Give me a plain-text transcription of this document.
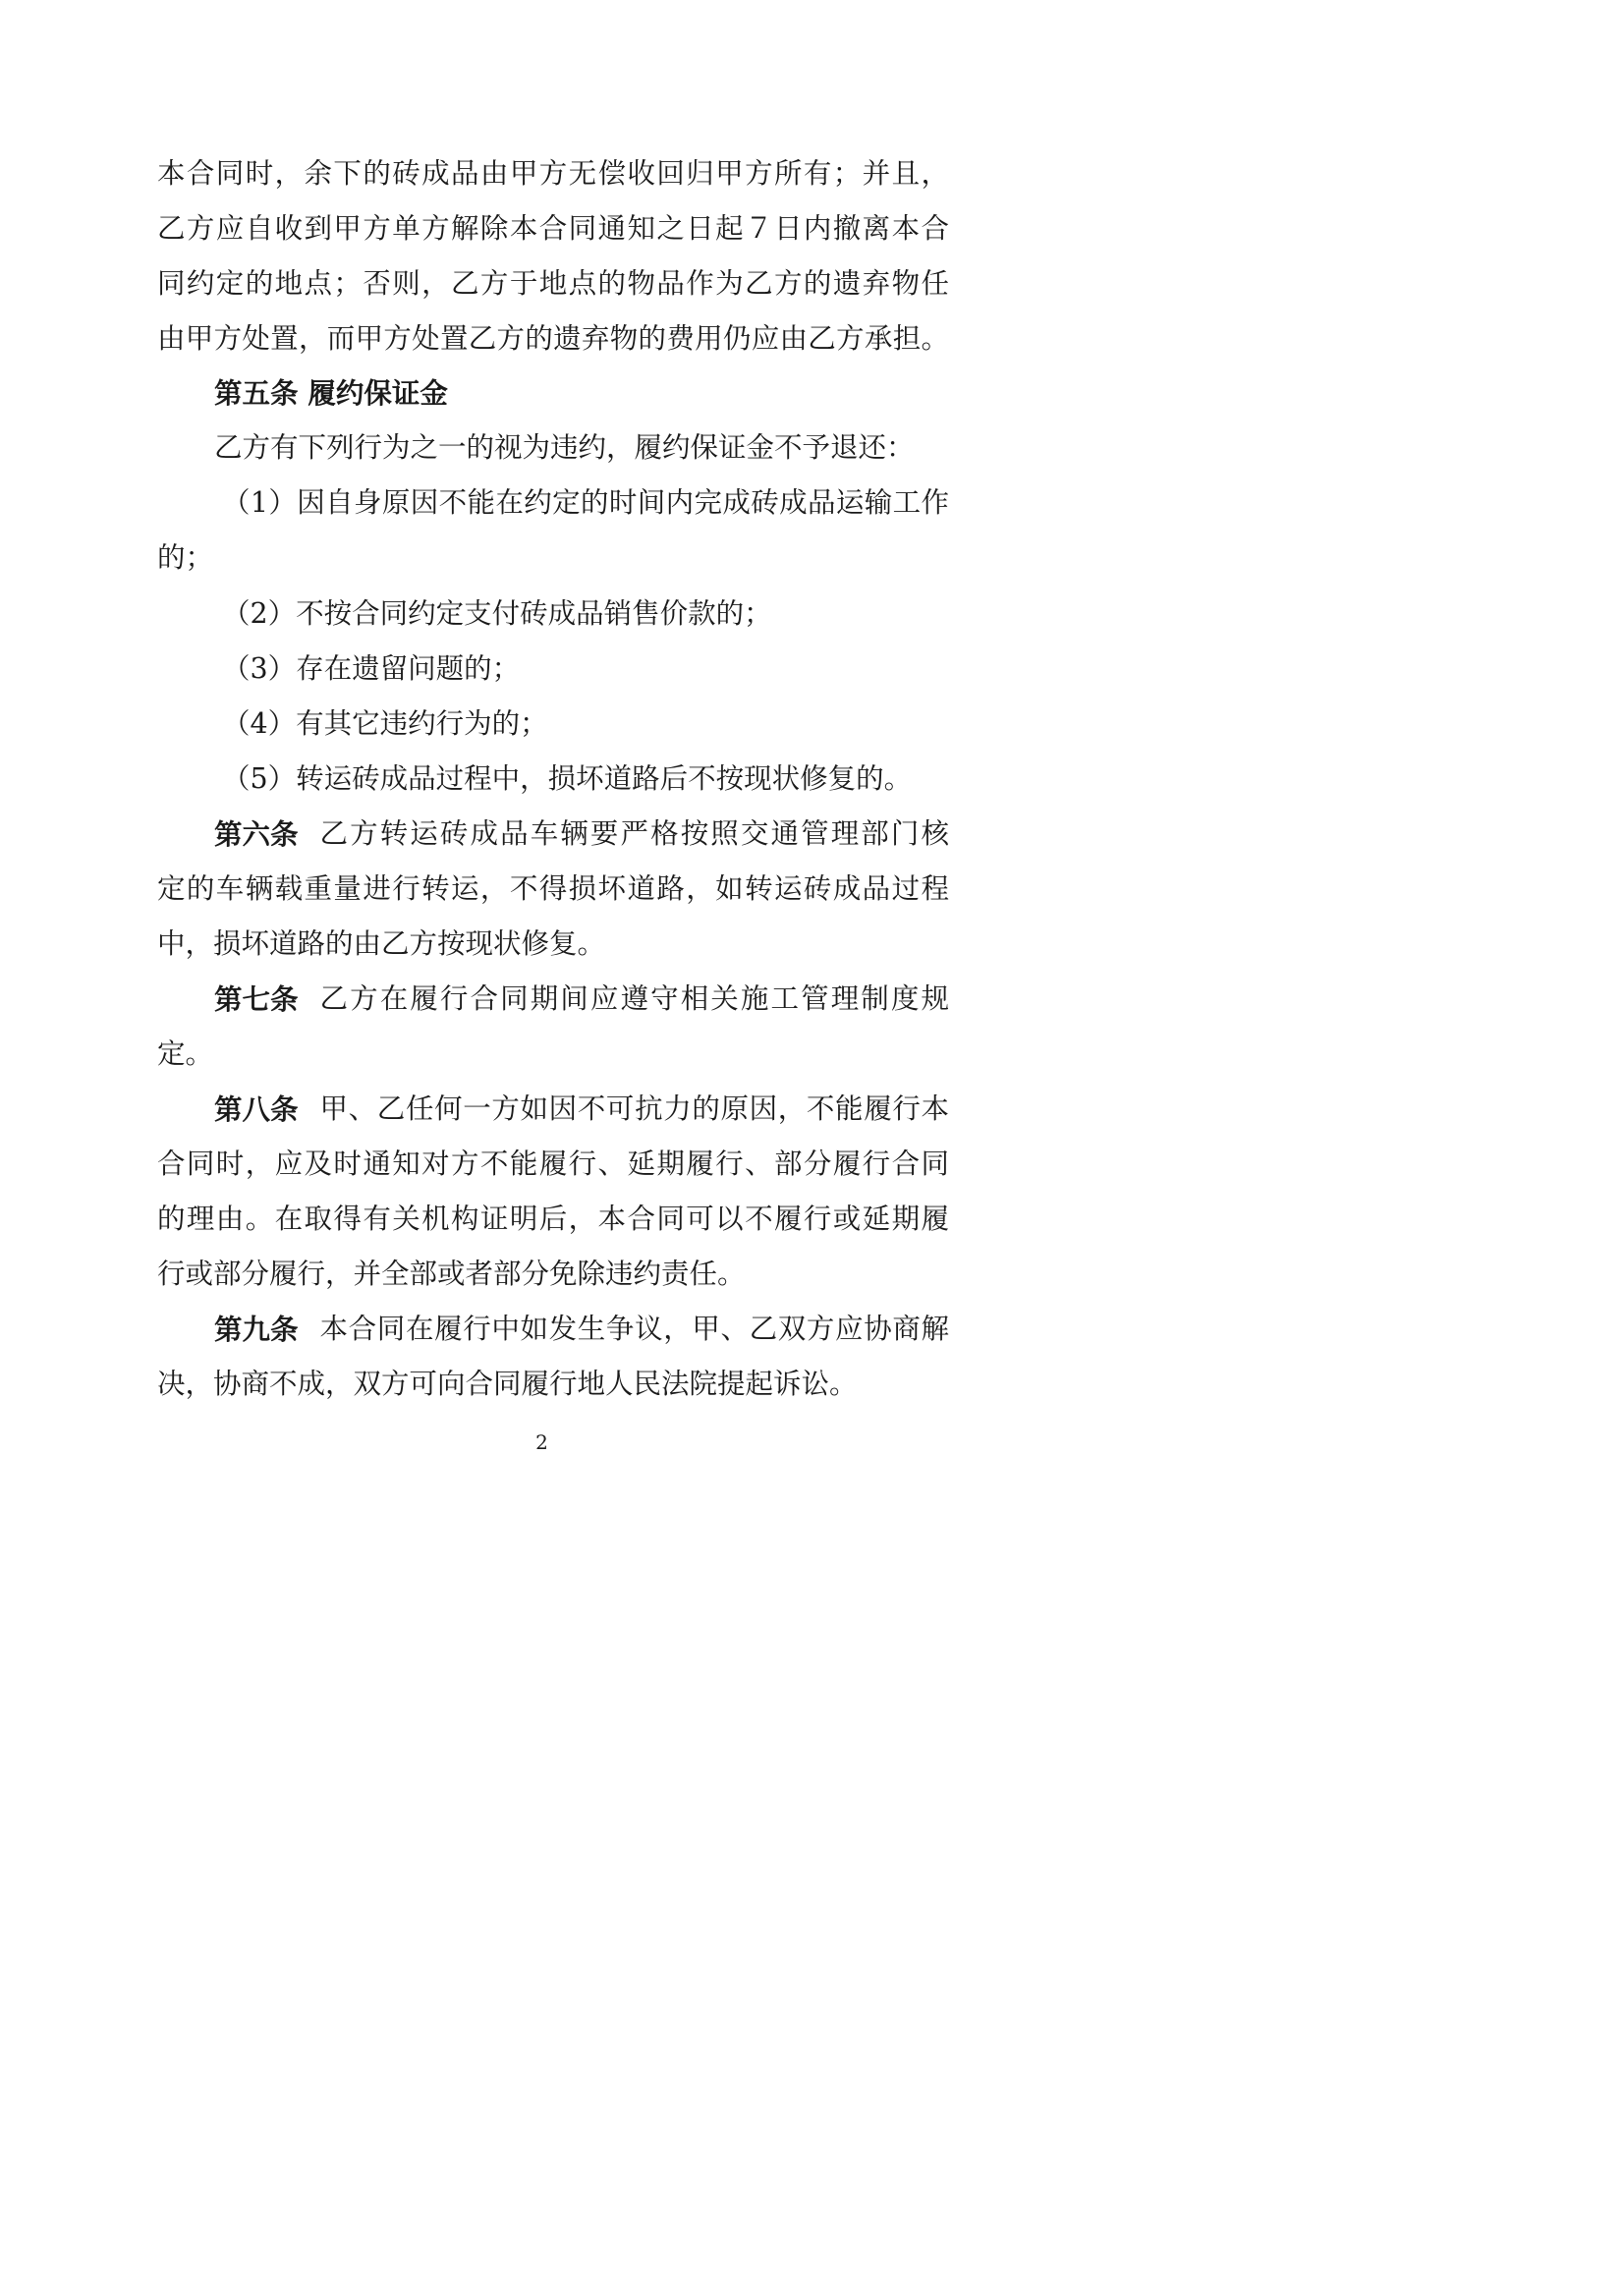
本合同时，余下的砖成品由甲方无偿收回归甲方所有；并且，
乙方应自收到甲方单方解除本合同通知之日起７日内撤离本合
同约定的地点；否则，乙方于地点的物品作为乙方的遗弃物任
由甲方处置，而甲方处置乙方的遗弃物的费用仍应由乙方承担。
第五条 履约保证金
乙方有下列行为之一的视为违约，履约保证金不予退还：
（1）因自身原因不能在约定的时间内完成砖成品运输工作
的；
（2）不按合同约定支付砖成品销售价款的；
（3）存在遗留问题的；
（4）有其它违约行为的；
（5）转运砖成品过程中，损坏道路后不按现状修复的。
第六条 乙方转运砖成品车辆要严格按照交通管理部门核
定的车辆载重量进行转运，不得损坏道路，如转运砖成品过程
中，损坏道路的由乙方按现状修复。
第七条 乙方在履行合同期间应遵守相关施工管理制度规
定。
第八条 甲、乙任何一方如因不可抗力的原因，不能履行本
合同时，应及时通知对方不能履行、延期履行、部分履行合同
的理由。在取得有关机构证明后，本合同可以不履行或延期履
行或部分履行，并全部或者部分免除违约责任。
第九条 本合同在履行中如发生争议，甲、乙双方应协商解
决，协商不成，双方可向合同履行地人民法院提起诉讼。
2
